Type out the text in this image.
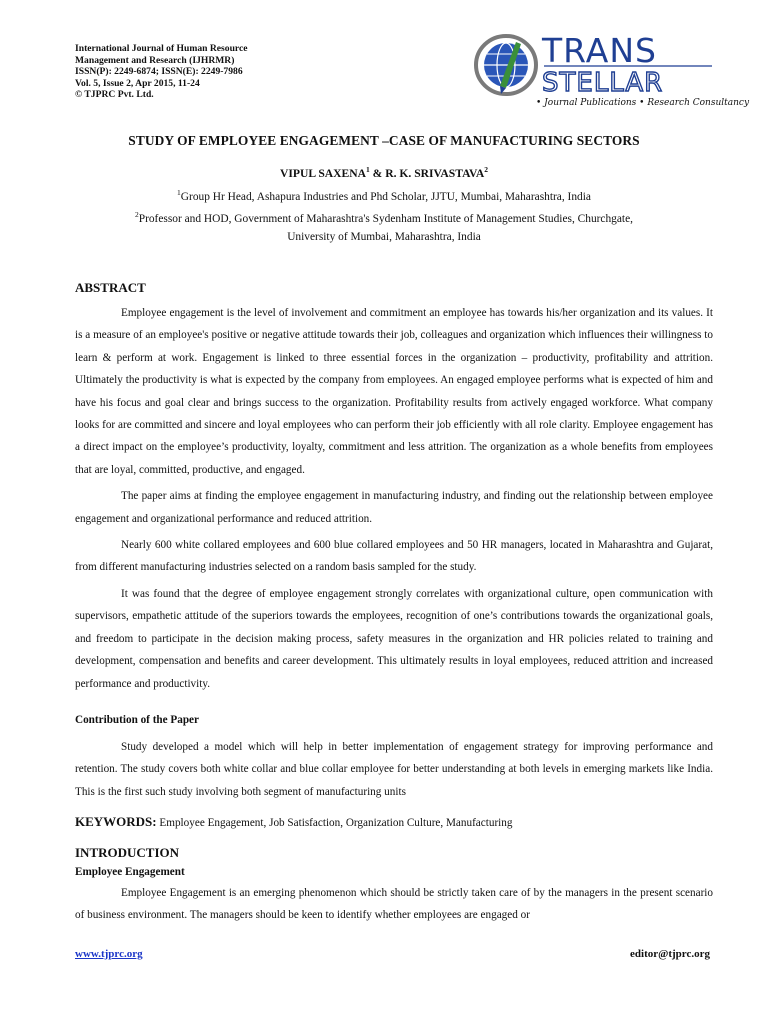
International Journal of Human Resource
Management and Research (IJHRMR)
ISSN(P): 2249-6874; ISSN(E): 2249-7986
Vol. 5, Issue 2, Apr 2015, 11-24
© TJPRC Pvt. Ltd.
TRANS
STELLAR
• Journal Publications • Research Consultancy
STUDY OF EMPLOYEE ENGAGEMENT –CASE OF MANUFACTURING SECTORS
VIPUL SAXENA$^1$ & R. K. SRIVASTAVA$^2$
$^1$Group Hr Head, Ashapura Industries and Phd Scholar, JJTU, Mumbai, Maharashtra, India
$^2$Professor and HOD, Government of Maharashtra's Sydenham Institute of Management Studies, Churchgate,
University of Mumbai, Maharashtra, India
ABSTRACT

Employee engagement is the level of involvement and commitment an employee has towards his/her organization and its values. It is a measure of an employee's positive or negative attitude towards their job, colleagues and organization which influences their willingness to learn & perform at work. Engagement is linked to three essential forces in the organization – productivity, profitability and attrition. Ultimately the productivity is what is expected by the company from employees. An engaged employee performs what is expected of him and have his focus and goal clear and brings success to the organization. Profitability results from actively engaged workforce. What company looks for are committed and sincere and loyal employees who can perform their job efficiently with all role clarity. Employee engagement has a direct impact on the employee’s productivity, loyalty, commitment and less attrition. The organization as a whole benefits from employees that are loyal, committed, productive, and engaged.

The paper aims at finding the employee engagement in manufacturing industry, and finding out the relationship between employee engagement and organizational performance and reduced attrition.

Nearly 600 white collared employees and 600 blue collared employees and 50 HR managers, located in Maharashtra and Gujarat, from different manufacturing industries selected on a random basis sampled for the study.

It was found that the degree of employee engagement strongly correlates with organizational culture, open communication with supervisors, empathetic attitude of the superiors towards the employees, recognition of one’s contributions towards the organizational goals, and freedom to participate in the decision making process, safety measures in the organization and HR policies related to training and development, compensation and benefits and career development. This ultimately results in loyal employees, reduced attrition and increased performance and productivity.

Contribution of the Paper

Study developed a model which will help in better implementation of engagement strategy for improving performance and retention. The study covers both white collar and blue collar employee for better understanding at both levels in emerging markets like India. This is the first such study involving both segment of manufacturing units

KEYWORDS: Employee Engagement, Job Satisfaction, Organization Culture, Manufacturing
INTRODUCTION
Employee Engagement

Employee Engagement is an emerging phenomenon which should be strictly taken care of by the managers in the present scenario of business environment. The managers should be keen to identify whether employees are engaged or

www.tjprc.org	editor@tjprc.org
